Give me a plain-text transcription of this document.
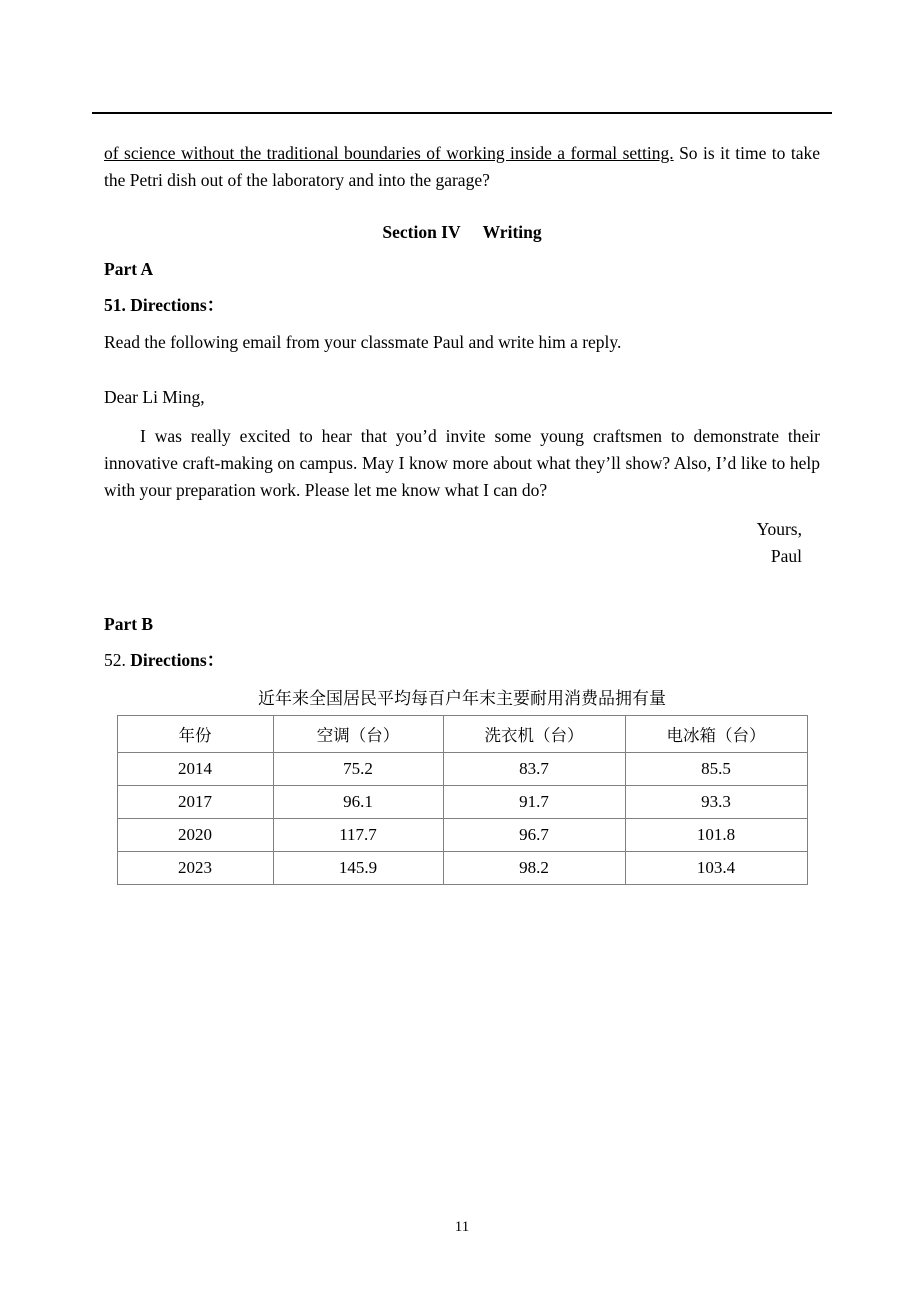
of science without the traditional boundaries of working inside a formal setting. So is it time to take the Petri dish out of the laboratory and into the garage?

Section IV Writing

Part A

51. Directions：

Read the following email from your classmate Paul and write him a reply.

Dear Li Ming,

I was really excited to hear that you’d invite some young craftsmen to demonstrate their innovative craft-making on campus. May I know more about what they’ll show? Also, I’d like to help with your preparation work. Please let me know what I can do?

Yours,

Paul

Part B

52. Directions：

近年来全国居民平均每百户年末主要耐用消费品拥有量

年份	空调（台）	洗衣机（台）	电冰箱（台）
2014	75.2	83.7	85.5
2017	96.1	91.7	93.3
2020	117.7	96.7	101.8
2023	145.9	98.2	103.4
11
